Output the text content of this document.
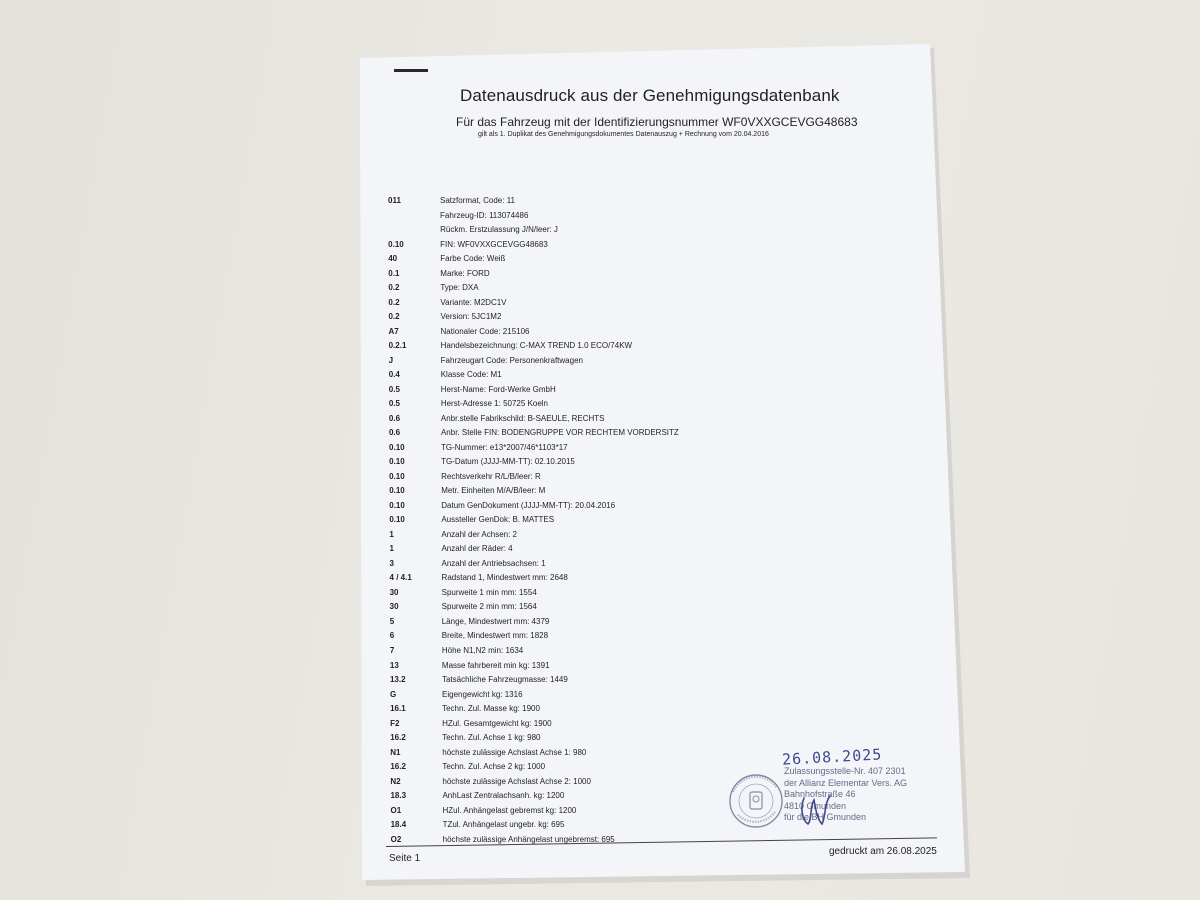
Datenausdruck aus der Genehmigungsdatenbank
Für das Fahrzeug mit der Identifizierungsnummer WF0VXXGCEVGG48683
gilt als 1. Duplikat des Genehmigungsdokumentes Datenauszug + Rechnung vom 20.04.2016
011	Satzformat, Code: 11
Fahrzeug-ID: 113074486
Rückm. Erstzulassung J/N/leer: J
0.10	FIN: WF0VXXGCEVGG48683
40	Farbe Code: Weiß
0.1	Marke: FORD
0.2	Type: DXA
0.2	Variante: M2DC1V
0.2	Version: 5JC1M2
A7	Nationaler Code: 215106
0.2.1	Handelsbezeichnung: C-MAX TREND 1.0 ECO/74KW
J	Fahrzeugart Code: Personenkraftwagen
0.4	Klasse Code: M1
0.5	Herst-Name: Ford-Werke GmbH
0.5	Herst-Adresse 1: 50725 Koeln
0.6	Anbr.stelle Fabrikschild: B-SAEULE, RECHTS
0.6	Anbr. Stelle FIN: BODENGRUPPE VOR RECHTEM VORDERSITZ
0.10	TG-Nummer: e13*2007/46*1103*17
0.10	TG-Datum (JJJJ-MM-TT): 02.10.2015
0.10	Rechtsverkehr R/L/B/leer: R
0.10	Metr. Einheiten M/A/B/leer: M
0.10	Datum GenDokument (JJJJ-MM-TT): 20.04.2016
0.10	Aussteller GenDok: B. MATTES
1	Anzahl der Achsen: 2
1	Anzahl der Räder: 4
3	Anzahl der Antriebsachsen: 1
4 / 4.1	Radstand 1, Mindestwert mm: 2648
30	Spurweite 1 min mm: 1554
30	Spurweite 2 min mm: 1564
5	Länge, Mindestwert mm: 4379
6	Breite, Mindestwert mm: 1828
7	Höhe N1,N2 min: 1634
13	Masse fahrbereit min kg: 1391
13.2	Tatsächliche Fahrzeugmasse: 1449
G	Eigengewicht kg: 1316
16.1	Techn. Zul. Masse kg: 1900
F2	HZul. Gesamtgewicht kg: 1900
16.2	Techn. Zul. Achse 1 kg: 980
N1	höchste zulässige Achslast Achse 1: 980
16.2	Techn. Zul. Achse 2 kg: 1000
N2	höchste zulässige Achslast Achse 2: 1000
18.3	AnhLast Zentralachsanh. kg: 1200
O1	HZul. Anhängelast gebremst kg: 1200
18.4	TZul. Anhängelast ungebr. kg: 695
O2	höchste zulässige Anhängelast ungebremst: 695
Seite 1
gedruckt am 26.08.2025
26.08.2025
Zulassungsstelle-Nr. 407 2301
der Allianz Elementar Vers. AG
Bahnhofstraße 46
4810 Gmunden
für die BH Gmunden
